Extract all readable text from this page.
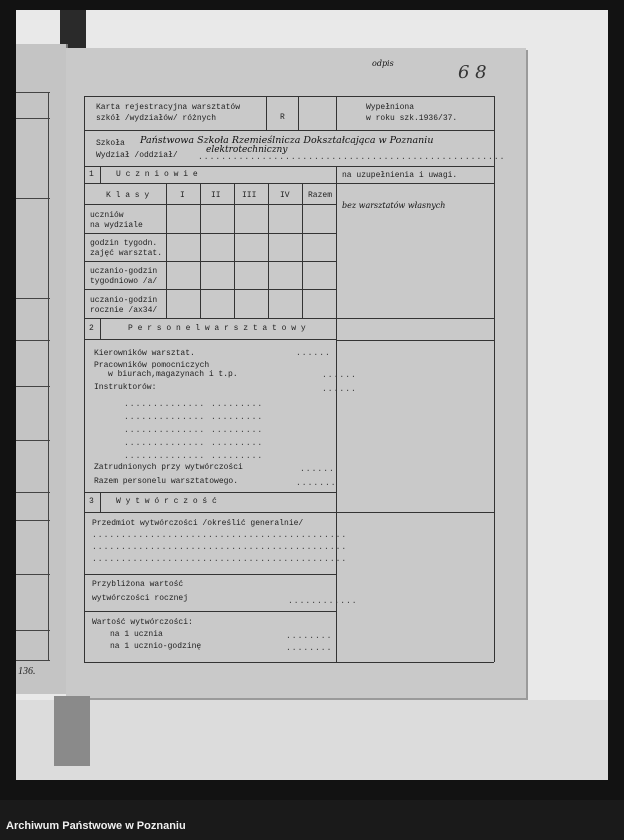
136.
odpis	6 8
Karta rejestracyjna warsztatów
szkół /wydziałów/ różnych	R
Wypełniona
w roku szk.1936/37.
Szkoła Państwowa Szkoła Rzemieślnicza Dokształcająca w Poznaniu
Wydział /oddział/
elektrotechniczny
.....................................................
1	U c z n i o w i e	na uzupełnienia i uwagi.
bez warsztatów własnych
K l a s y	I	II	III	IV Razem
uczniów
na wydziale
godzin tygodn.
zajęć warsztat.
uczanio-godzin
tygodniowo /a/
uczanio-godzin
rocznie /ax34/
2	P e r s o n e l w a r s z t a t o w y
Kierowników warsztat.	......
Pracowników pomocniczych
w biurach,magazynach i t.p.	......
Instruktorów:	......
.............. .........
.............. .........
.............. .........
.............. .........
.............. .........
Zatrudnionych przy wytwórczości	......
Razem personelu warsztatowego.	.......
3	W y t w ó r c z o ś ć
Przedmiot wytwórczości /określić generalnie/
............................................
............................................
............................................
Przybliżona wartość
wytwórczości rocznej	............
Wartość wytwórczości:
na 1 ucznia	........
na 1 ucznio-godzinę	........
Archiwum Państwowe w Poznaniu
